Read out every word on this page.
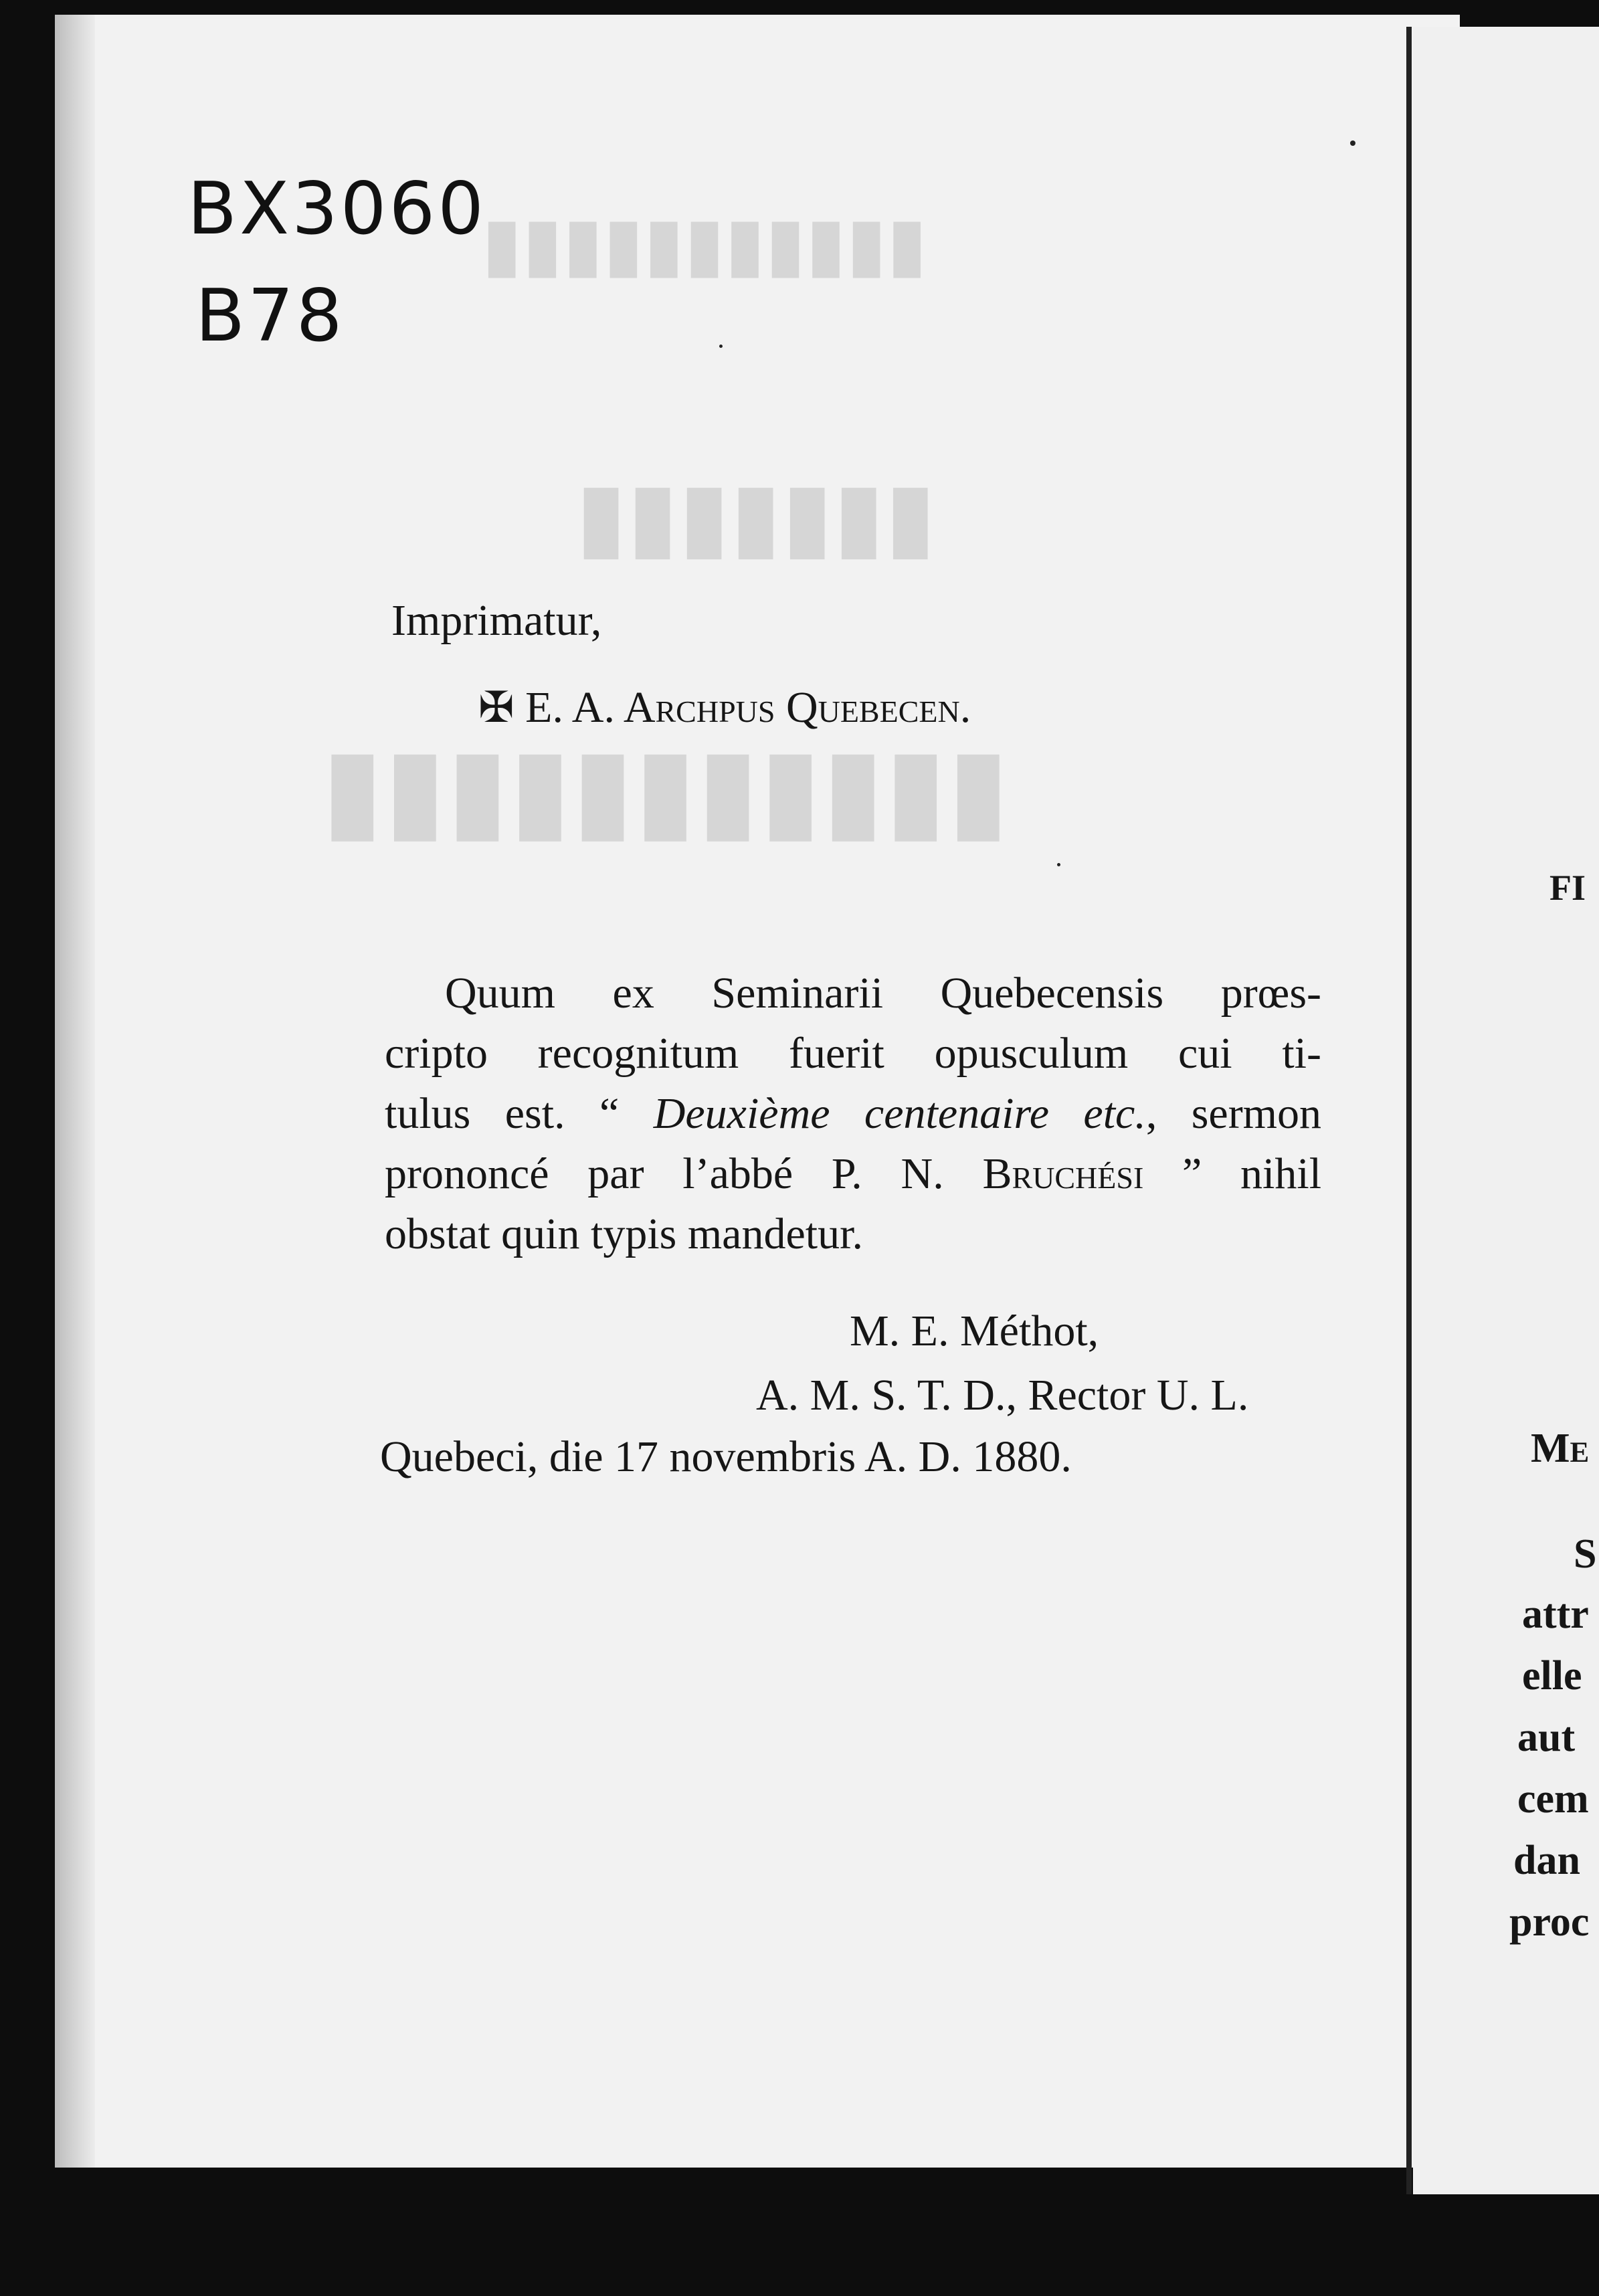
▮▮▮▮▮▮▮▮▮▮▮
▮▮▮▮▮▮▮
▮▮▮▮▮▮▮▮▮▮▮
BX3060
B78
Imprimatur,
✠ E. A. Archpus Quebecen.
Quum ex Seminarii Quebecensis prœs-
cripto recognitum fuerit opusculum cui ti-
tulus est. “ Deuxième centenaire etc., sermon
prononcé par l’abbé P. N. Bruchési ” nihil
obstat quin typis mandetur.
M. E. Méthot,
A. M. S. T. D., Rector U. L.
Quebeci, die 17 novembris A. D. 1880.
FI
Me
S
attr
elle
aut
cem
dan
proc
